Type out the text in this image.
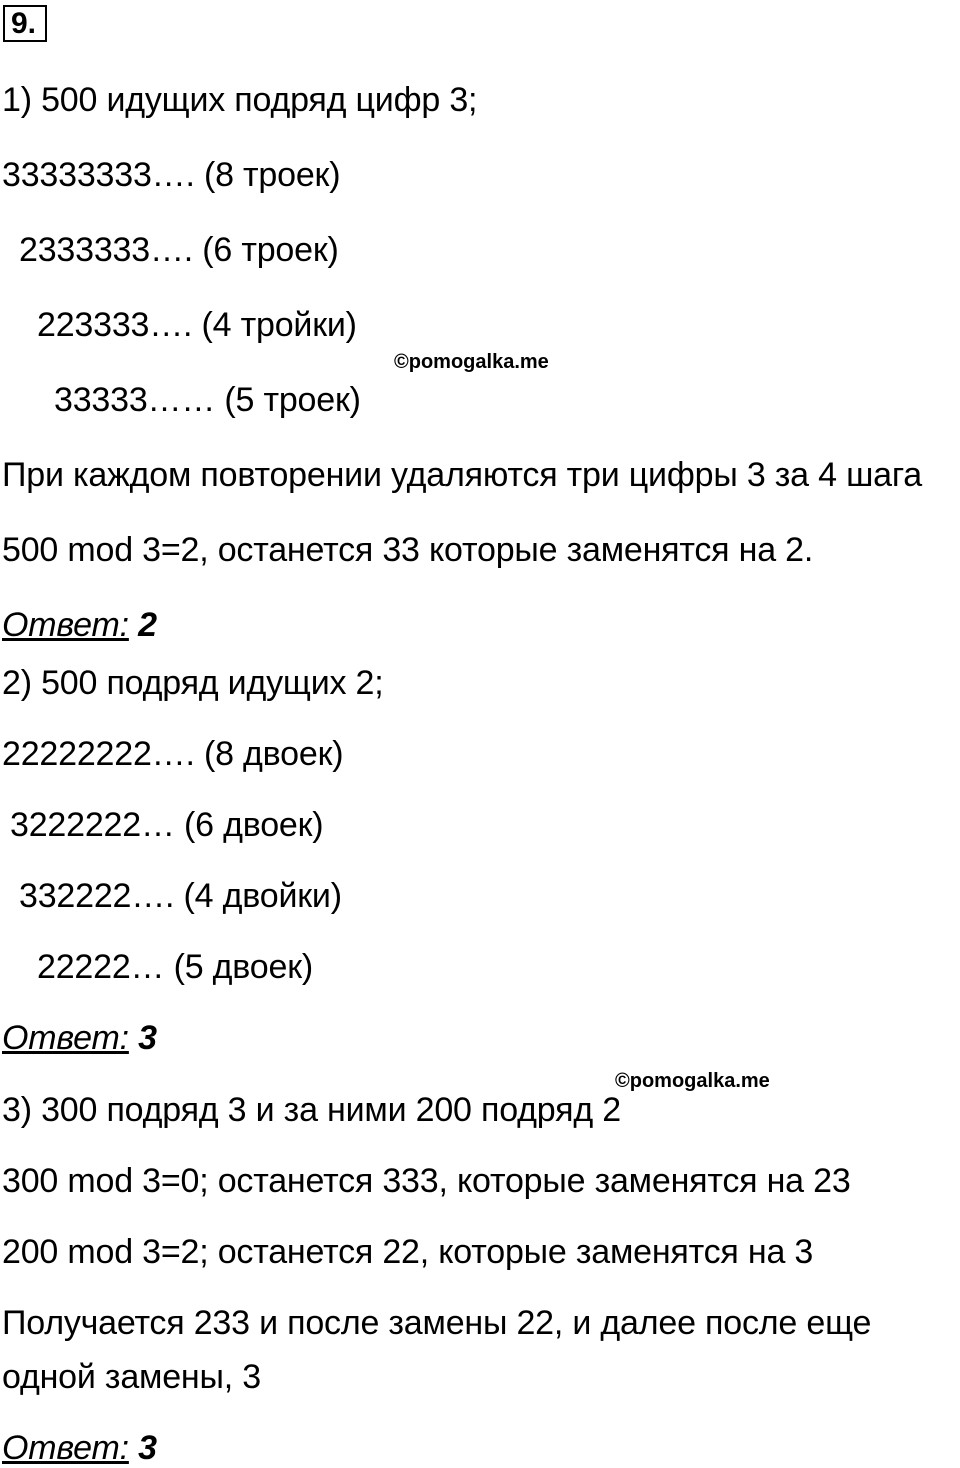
9.
1) 500 идущих подряд цифр 3;
33333333…. (8 троек)
2333333…. (6 троек)
223333…. (4 тройки)
33333…… (5 троек)
©pomogalka.me
При каждом повторении удаляются три цифры 3 за 4 шага
500 mod 3=2, останется 33 которые заменятся на 2.
Ответ: 2
2) 500 подряд идущих 2;
22222222…. (8 двоек)
3222222… (6 двоек)
332222…. (4 двойки)
22222… (5 двоек)
Ответ: 3
©pomogalka.me
3) 300 подряд 3 и за ними 200 подряд 2
300 mod 3=0; останется 333, которые заменятся на 23
200 mod 3=2; останется 22, которые заменятся на 3
Получается 233 и после замены 22, и далее после еще
одной замены, 3
Ответ: 3
